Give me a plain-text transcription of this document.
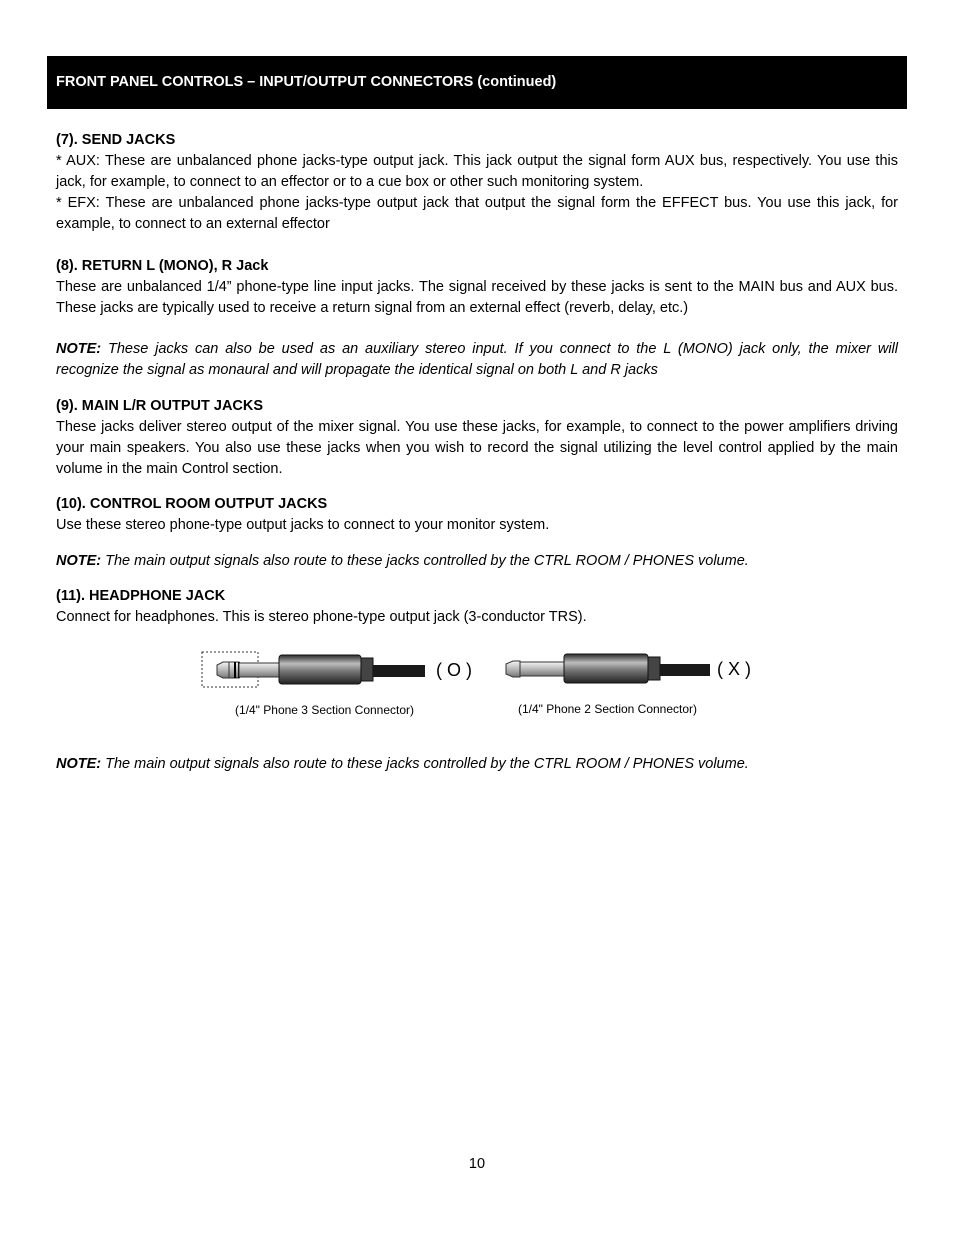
FRONT PANEL CONTROLS – INPUT/OUTPUT CONNECTORS (continued)

(7). SEND JACKS

* AUX: These are unbalanced phone jacks-type output jack. This jack output the signal form AUX bus, respectively. You use this jack, for example, to connect to an effector or to a cue box or other such monitoring system.

* EFX: These are unbalanced phone jacks-type output jack that output the signal form the EFFECT bus. You use this jack, for example, to connect to an external effector

(8). RETURN L (MONO), R Jack

These are unbalanced 1/4” phone-type line input jacks. The signal received by these jacks is sent to the MAIN bus and AUX bus. These jacks are typically used to receive a return signal from an external effect (reverb, delay, etc.)

NOTE: These jacks can also be used as an auxiliary stereo input. If you connect to the L (MONO) jack only, the mixer will recognize the signal as monaural and will propagate the identical signal on both L and R jacks

(9). MAIN L/R OUTPUT JACKS

These jacks deliver stereo output of the mixer signal. You use these jacks, for example, to connect to the power amplifiers driving your main speakers. You also use these jacks when you wish to record the signal utilizing the level control applied by the main volume in the main Control section.

(10). CONTROL ROOM OUTPUT JACKS

Use these stereo phone-type output jacks to connect to your monitor system.

NOTE: The main output signals also route to these jacks controlled by the CTRL ROOM / PHONES volume.

(11). HEADPHONE JACK

Connect for headphones. This is stereo phone-type output jack (3-conductor TRS).

( O )	( X )
(1/4" Phone 3 Section Connector)	(1/4" Phone 2 Section Connector)

NOTE: The main output signals also route to these jacks controlled by the CTRL ROOM / PHONES volume.

10
